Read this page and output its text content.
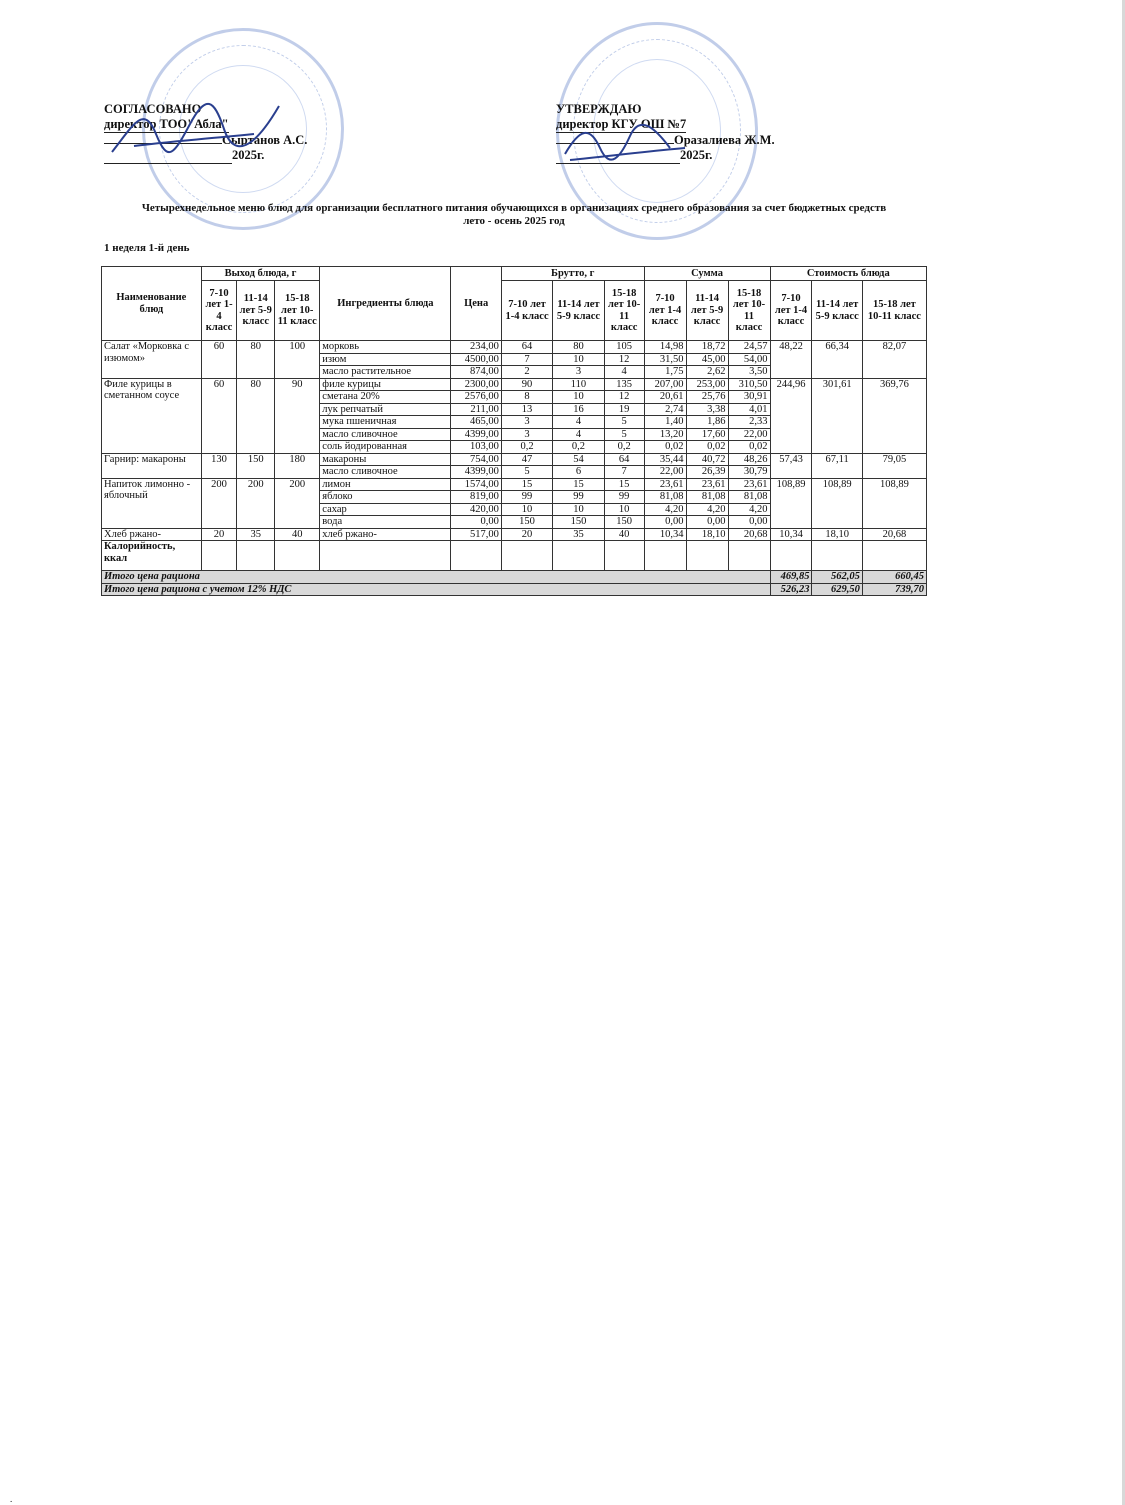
СОГЛАСОВАНО
директор ТОО"Абла"
Сыртанов А.С.
2025г.
УТВЕРЖДАЮ
директор КГУ ОШ №7
Оразалиева Ж.М.
2025г.
Четырехнедельное меню блюд для организации бесплатного питания обучающихся в организациях среднего образования за счет бюджетных средств
лето - осень 2025 год
1 неделя 1-й день
Наименование блюд	Выход блюда, г			Ингредиенты блюда	Цена	Брутто, г			Сумма			Стоимость блюда		
	7-10 лет 1-4 класс	11-14 лет 5-9 класс	15-18 лет 10-11 класс			7-10 лет 1-4 класс	11-14 лет 5-9 класс	15-18 лет 10-11 класс	7-10 лет 1-4 класс	11-14 лет 5-9 класс	15-18 лет 10-11 класс	7-10 лет 1-4 класс	11-14 лет 5-9 класс	15-18 лет 10-11 класс
Салат «Морковка с изюмом»	60	80	100	морковь	234,00	64	80	105	14,98	18,72	24,57	48,22	66,34	82,07
				изюм	4500,00	7	10	12	31,50	45,00	54,00			
				масло растительное	874,00	2	3	4	1,75	2,62	3,50			
Филе курицы в сметанном соусе	60	80	90	филе курицы	2300,00	90	110	135	207,00	253,00	310,50	244,96	301,61	369,76
				сметана 20%	2576,00	8	10	12	20,61	25,76	30,91			
				лук репчатый	211,00	13	16	19	2,74	3,38	4,01			
				мука пшеничная	465,00	3	4	5	1,40	1,86	2,33			
				масло сливочное	4399,00	3	4	5	13,20	17,60	22,00			
				соль йодированная	103,00	0,2	0,2	0,2	0,02	0,02	0,02			
Гарнир: макароны	130	150	180	макароны	754,00	47	54	64	35,44	40,72	48,26	57,43	67,11	79,05
				масло сливочное	4399,00	5	6	7	22,00	26,39	30,79			
Напиток лимонно - яблочный	200	200	200	лимон	1574,00	15	15	15	23,61	23,61	23,61	108,89	108,89	108,89
				яблоко	819,00	99	99	99	81,08	81,08	81,08			
				сахар	420,00	10	10	10	4,20	4,20	4,20			
				вода	0,00	150	150	150	0,00	0,00	0,00			
Хлеб ржано-	20	35	40	хлеб ржано-	517,00	20	35	40	10,34	18,10	20,68	10,34	18,10	20,68
Калорийность, ккал														
Итого цена рациона												469,85	562,05	660,45
Итого цена рациона с учетом 12% НДС												526,23	629,50	739,70
.
